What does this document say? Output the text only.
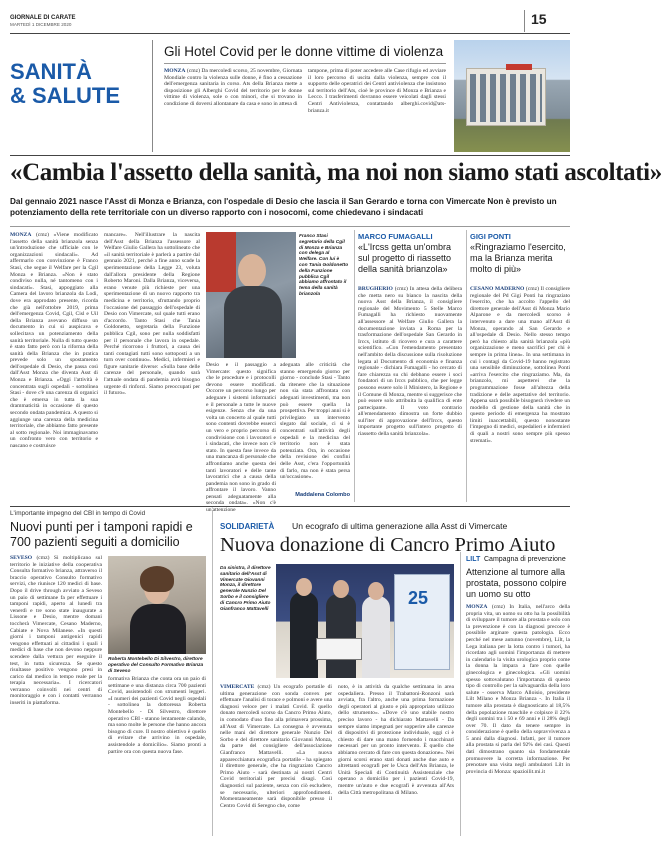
GIORNALE DI CARATE
MARTEDÌ 1 DICEMBRE 2020	15
SANITÀ
& SALUTE
Gli Hotel Covid per le donne vittime di violenza
MONZA (cmz) Da mercoledì scorso, 25 novembre, Giornata Mondiale contro la violenza sulle donne, è fino a cessazione dell'emergenza sanitaria in corso. Ats della Brianza mette a disposizione gli Alberghi Covid del territorio per le donne vittime di violenza, sole o con minori, che si trovano in condizione di doversi allontanare da casa e sono in attesa di
tampone, prima di poter accedere alle Case rifugio ed avviare il loro percorso di uscita dalla violenza, sempre con il supporto delle operatrici dei Centri antiviolenza che insistono sul territorio dell'Ats, cioè le province di Monza e Brianza e Lecco. I trasferimenti dovranno essere veicolati dagli stessi Centri Antiviolenza, contattando alberghi.covid@ats-brianza.it
«Cambia l'assetto della sanità, ma noi non siamo stati ascoltati»
Dal gennaio 2021 nasce l'Asst di Monza e Brianza, con l'ospedale di Desio che lascia il San Gerardo e torna con Vimercate Non è previsto un potenziamento della rete territoriale con un diverso rapporto con i nosocomi, come chiedevano i sindacati
MONZA (cmz) «Viene modificato l'assetto della sanità brianzola senza un'introduzione che ufficiale con le organizzazioni sindacali». Ad affermarlo con convinzione è Franco Stasi, che segue il Welfare per la Cgil Monza e Brianza. «Non è stato condiviso nulla, né tantomeno con i sindacati». Stasi, appoggiato alla Camera del lavoro brianzola da Lodi, dove era approdato presente, ricorda che già nell'ottobre 2019, prima dell'emergenza Covid, Cgil, Cisl e Uil della Brianza avevano diffuso un documento in cui si auspicava e sollecitava un potenziamento della sanità territoriale. Nulla di tutto questo è stato fatto però con la riforma della sanità della Brianza che in pratica prevede solo un spostamento dell'ospedale di Desio, che passa così dall'Asst Monza che diventa Asst di Monza e Brianza. «Oggi l'attività è concentrata sugli ospedali - sottolinea Stasi - dove c'è una carenza di organici che è emersa in tutta la sua drammaticità in occasione di questo secondo ondata pandemica. A questo si aggiunge una carenza della medicina territoriale, che abbiamo fatto presente al sotto regionale. Noi immaginavamo un confronto vero con territorio e nascano e costruisce
mancare». Nell'illustrare la nascita dell'Asst della Brianza l'assessore al Welfare Giulio Gallera ha sottolineato che «il sanità territoriale è parlerà a partire dal gennaio 2021, perché a fine anno scade la sperimentazione della Legge 23, voluta dall'allora presidente della Regione Roberto Maroni. Dalla Brianza, viceversa, erano venute più richieste per una sperimentazione di un nuovo rapporto tra medicina e territorio, sfruttando proprio l'occasione del passaggio dell'ospedale di Desio con Vimercate, sul quale tutti erano d'accordo. Tanto Stasi che Tania Goldonetto, segretaria della Funzione pubblica Cgil, sono per nulla soddisfatti per il personale che lavora in ospedale. Perché ricorrono i fruttori, a causa dei tanti contagiati tutti sono sottoposti a un turn over continuo». Medici, infermieri e figure sanitarie diverse: «Sulla base delle carenze del personale, quando sarà l'attuale ondata di pandemia avrà bisogno urgente di rinforzi. Siamo preoccupati per il futuro».
Franco Stasi segretario della Cgil di Monza e Brianza con delega al Welfare. Con lui è con Tania Goldonetto della Funzione pubblica Cgil abbiamo affrontato il tema della sanità brianzola
Desio e il passaggio a Vimercate: questo significa che le procedure e i protocolli devono essere modificati. Occorre un percorso lungo per adeguare i sistemi informatici e il personale a tutte le nuove esigenze. Senza che da una volta un concerto al quale tutti sono contenti dovrebbe esserci un vero e proprio percorso di condivisione con i lavoratori e i sindacati, che invece non c'è stato. In questa fase invece da una mancanza di personale che affrontiamo anche questa dei tanti lavoratori e delle tante lavoratrici che a causa della pandemia non sono in grado di affrontare il lavoro. Vanno pensati adeguatamente alla seconda ondata». «Non c'è un'attenzione
adeguata alle criticità che stanno emergendo giorno per giorno - conclude Stasi - Tanto da ritenere che la situazione non sia stata affrontata con adeguati investimenti, ma non può essere quella la prospettiva. Per troppi anni si è privilegiato un intervento slegato dal sociale, ci si è concentrati sull'attività degli ospedali e la medicina del territorio non è stata potenziata. Ora, in occasione della revisione dei confini delle Asst, c'era l'opportunità di farlo, ma non è stata persa un'occasione».
Maddalena Colombo
MARCO FUMAGALLI
«L'Ircss getta un'ombra sul progetto di riassetto della sanità brianzola»
BRUGHERIO (cmz) In attesa della delibera che metta nero su bianco la nascita della nuova Asst della Brianza, il consigliere regionale del Movimento 5 Stelle Marco Fumagalli ha richiesto nuovamente all'assessore al Welfare Giulio Gallera la documentazione inviata a Roma per la trasformazione dell'ospedale San Gerardo in Irccs, istituto di ricovero e cura a carattere scientifico. «Con l'emendamento presentato nell'ambito della discussione sulla risoluzione legata al Documento di economia e finanza regionale - dichiara Fumagalli - ho cercato di fare chiarezza su chi debbano essere i soci fondatori di un Irccs pubblico, che per legge possono essere solo il Ministero, la Regione e il Comune di Monza, mentre si suggerisce che può essere solo attribuita la qualifica di ente partecipante. Il voto contrario all'emendamento dimostra un forte dubbio sull'iter di approvazione dell'Irccs, questo importante progetto sull'intero progetto di riassetto della sanità brianzola».
GIGI PONTI
«Ringraziamo l'esercito, ma la Brianza merita molto di più»
CESANO MADERNO (cmz) Il consigliere regionale del Pd Gigi Ponti ha ringraziato l'esercito, che ha accolto l'appello del direttore generale dell'Asst di Monza Mario Alparone e da mercoledì scorso è intervenuto a dare una mano all'Asst di Monza, operando al San Gerardo e all'ospedale di Desio. Nello stesso tempo però ha chiesto alla sanità brianzola «più organizzazione e meno sacrifici per chi è sempre in prima linea». In una settimana in cui i contagi da Covid-19 hanno registrato una sensibile diminuzione, sottolinea Ponti «arriva l'esercito che ringraziamo. Ma, da brianzolo, mi aspetterei che la programmazione fosse all'altezza della tradizione e delle aspettative del territorio. Appena sarà possibile bisognerà rivedere un modello di gestione della sanità che in questo periodo di emergenza ha mostrato limiti inaccettabili, questo nonostante l'impegno di medici, ospedalieri e infermieri di quali a nostri sono sempre più spesso stremati».
L'importante impegno del CBI in tempo di Covid
Nuovi punti per i tamponi rapidi e 700 pazienti seguiti a domicilio
SEVESO (cmz) Si moltiplicano sul territorio le iniziative della cooperativa Consulta formativo brianza, attraverso il braccio operativo Consulto formativo servizi, che riunisce 120 medici di base. Dopo il drive through avviato a Seveso un paio di settimane fa per effettuare i tamponi rapidi, aperto al lunedì tra venerdì e tre sono state inaugurate a Lissone e Desio, mentre domani toccherà Vimercate, Cesano Maderno, Cabiate e Nova Milanese. «In questi giorni i tamponi antigenici rapidi vengono effettuati ai cittadini i quali i medici di base che non devono neppure scendere dalla vettura per eseguire il test, in tutta sicurezza. Se questo risultasse positivo vengono presi in carico dal medico in tempo reale per la terapia necessaria». I ricercatori verranno coinvolti nei centri di monitoraggio e con i contatti verranno inseriti in piattaforma.
Roberta Montebello Di Silvestro, direttore operativo del Consulto Formativo Brianza di Seveso
formativa Brianza che conta ora un paio di settimane e una distanza circa 700 pazienti Covid, assistendoli con strumenti leggeri. «I numeri dei pazienti Covid negli ospedali - sottolinea la dottoressa Roberta Montebello - Di Silvestro, direttore operativo CBI - stanno lentamente calando, ma sono molte le persone che hanno ancora bisogno di cure. Il nostro obiettivo è quello di evitare che arrivino in ospedale, assistendole a domicilio». Siamo pronti a partire ora con questa nuova fase.
SOLIDARIETÀ Un ecografo di ultima generazione alla Asst di Vimercate
Nuova donazione di Cancro Primo Aiuto
Da sinistra, il direttore sanitario dell'Asst di Vimercate Giovanni Monza, il direttore generale Nunzio Del Sorbo e il consigliere di Cancro Primo Aiuto Gianfranco Mattavelli
25
VIMERCATE (cmz) Un ecografo portatile di ultima generazione con sonda convex per effettuare l'analisi di torace e polmoni e avere una diagnosi veloce per i malati Covid. È quello donato mercoledì scorso da Cancro Primo Aiuto, in comodato d'uso fino alla primavera prossima, all'Asst di Vimercate. La consegna è avvenuta nelle mani del direttore generale Nunzio Del Sorbo e del direttore sanitario Giovanni Monza, da parte del consigliere dell'associazione Gianfranco Mattavelli. «La nuova apparecchiatura ecografica portatile - ha spiegato il direttore generale, che ha ringraziato Cancro Primo Aiuto - sarà destinata ai nostri Centri Covid territoriali per precisi disagi. Così diagnostici sul paziente, senza con ciò escludere, se necessario, ulteriori approfondimenti. Momentaneamente sarà disponibile presso il Centro Covid di Seregno che, come
noto, è in attività da qualche settimana in area ospedaliera. Presso il Trabattoni-Ronzoni sarà avviata, fra l'altro, anche una prima formazione degli operatori al giusto e più appropriato utilizzo dello strumento». «Dove c'è uno stabile nostro preciso lavoro - ha dichiarato Mattavelli - Da sempre siamo impegnati per sopperire alle carenze di dispositivi di protezione individuale, oggi ci è chiesto di dare una mano fornendo i macchinari necessari per un pronto intervento. È quello che abbiamo cercato di fare con questa donazione». Nei giorni scorsi erano stati donati anche due auto e altrettanti ecografi per le Usca dell'Ats Brianza, le Unità Speciali di Continuità Assistenziale che operano a domicilio per i pazienti Covid-19, mentre un'auto e due ecografi è avvenuta all'Ats della Città metropolitana di Milano.
LILT Campagna di prevenzione
Attenzione al tumore alla prostata, possono colpire un uomo su otto
MONZA (cmz) In Italia, nell'arco della propria vita, un uomo su otto ha la possibilità di sviluppare il tumore alla prostata e solo con la prevenzione è con la diagnosi precoce è possibile arginare questa patologia. Ecco perché nel mese autunno (novembre), Lilt, la Lega italiana per la lotta contro i tumori, ha ricordato agli uomini l'importanza di mettere in calendario la visita urologica proprio come la donna la impara a fare con quelle ginecologica e ginecologica. «Gli uomini spesso sottovalutano l'importanza di questo tipo di controllo per la salvaguardia della loro salute - osserva Marco Alloisio, presidente Lilt Milano e Monza Brianza -. In Italia il tumore alla prostata è diagnosticato al 18,5% della popolazione maschile e colpisce il 22% degli uomini tra i 50 e 69 anni e il 28% degli over 70. Il dato da tenere sempre in considerazione è quello della sopravvivenza a 5 anni dalla diagnosi. Infatti, per il tumore alla prostata si parla del 92% dei casi. Questi dati dimostrano quanto sia fondamentale promuovere la corretta informazione. Per prenotare una visita negli ambulatori Lilt in provincia di Monza: spazioilit.mi.it
